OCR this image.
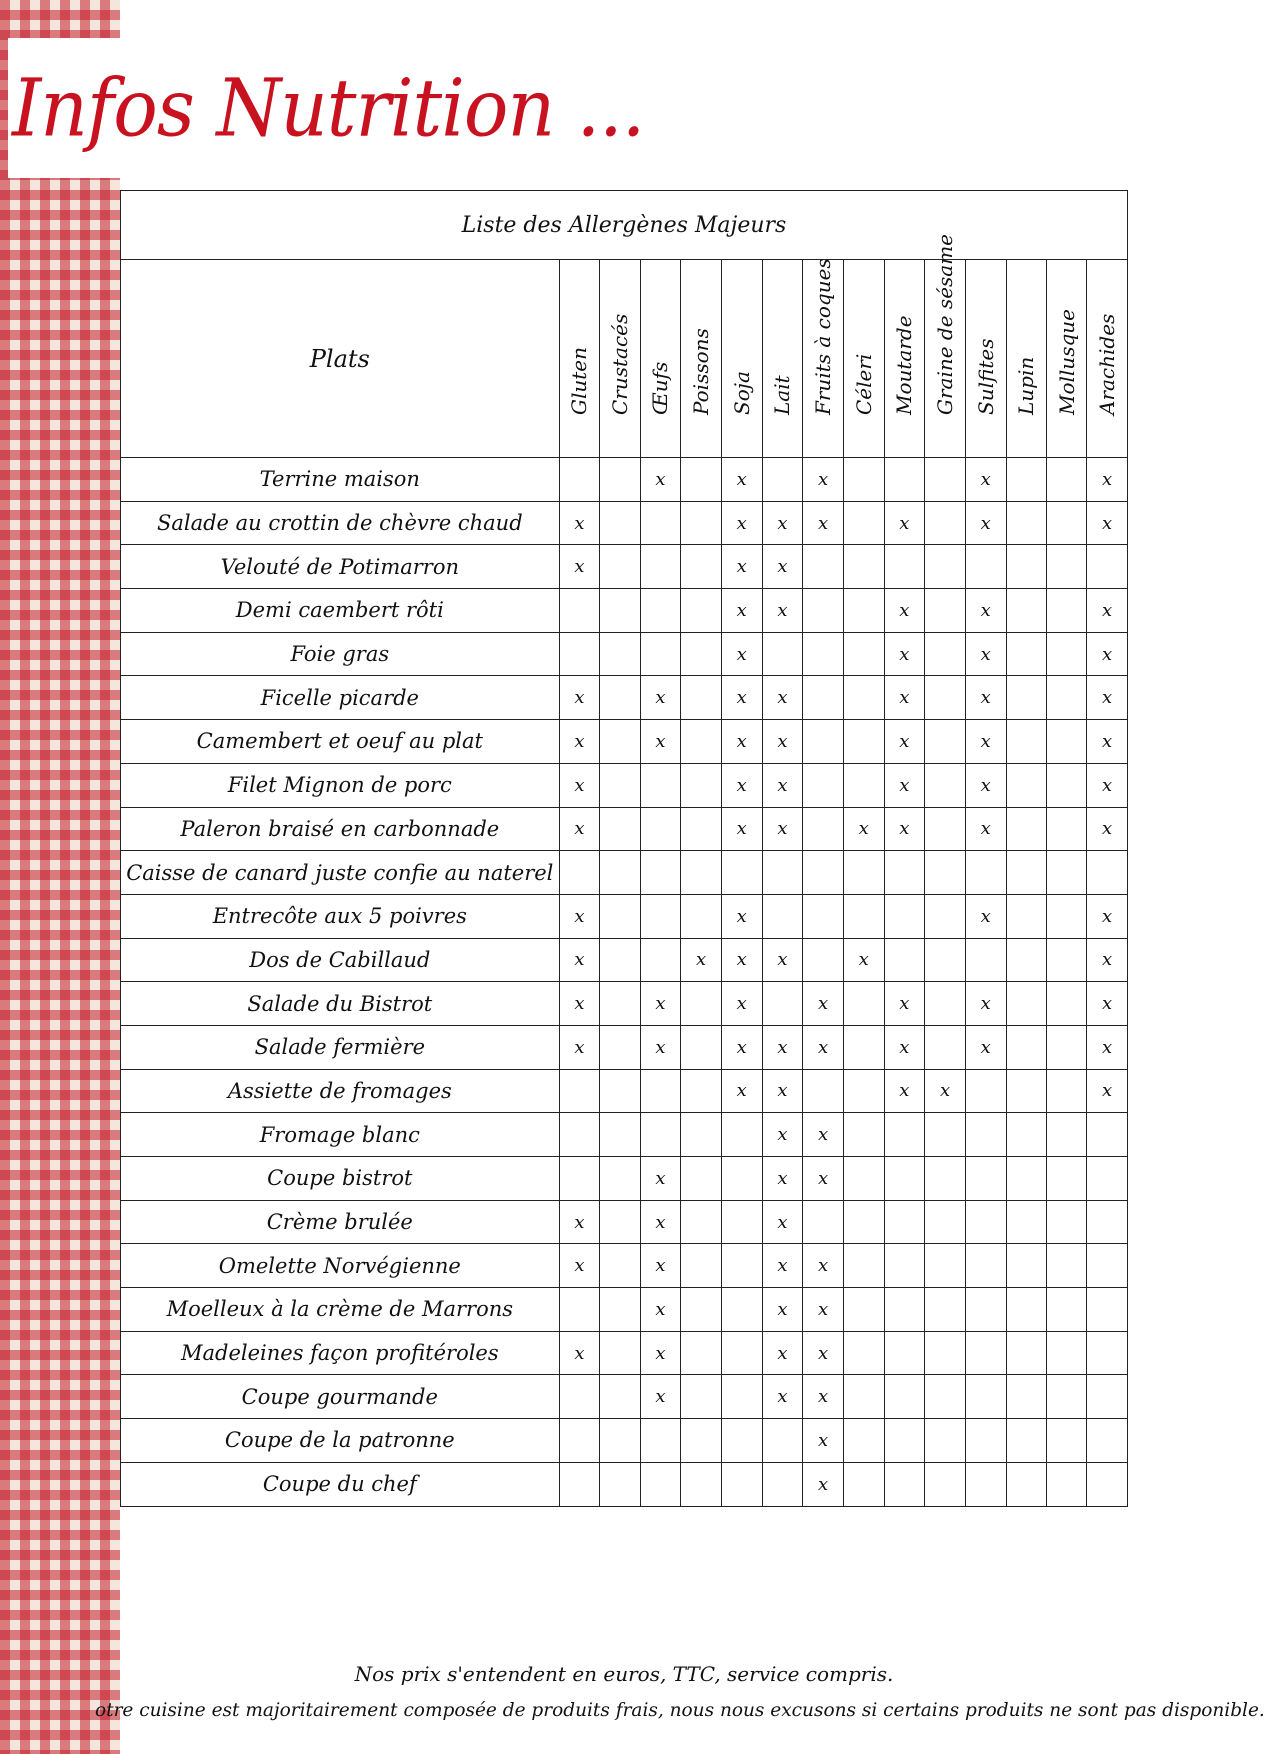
Infos Nutrition ...
Liste des Allergènes Majeurs														
Plats	Gluten	Crustacés	Œufs	Poissons	Soja	Lait	Fruits à coques	Céleri	Moutarde	Graine de sésame	Sulfites	Lupin	Mollusque	Arachides

Terrine maison			x		x		x				x			x
Salade au crottin de chèvre chaud	x				x	x	x		x		x			x
Velouté de Potimarron	x				x	x								
Demi caembert rôti					x	x			x		x			x
Foie gras					x				x		x			x
Ficelle picarde	x		x		x	x			x		x			x
Camembert et oeuf au plat	x		x		x	x			x		x			x
Filet Mignon de porc	x				x	x			x		x			x
Paleron braisé en carbonnade	x				x	x		x	x		x			x
Caisse de canard juste confie au naterel														
Entrecôte aux 5 poivres	x				x						x			x
Dos de Cabillaud	x			x	x	x		x						x
Salade du Bistrot	x		x		x		x		x		x			x
Salade fermière	x		x		x	x	x		x		x			x
Assiette de fromages					x	x			x	x				x
Fromage blanc						x	x							
Coupe bistrot			x			x	x							
Crème brulée	x		x			x								
Omelette Norvégienne	x		x			x	x							
Moelleux à la crème de Marrons			x			x	x							
Madeleines façon profitéroles	x		x			x	x							
Coupe gourmande			x			x	x							
Coupe de la patronne							x							
Coupe du chef							x							
Nos prix s'entendent en euros, TTC, service compris.
otre cuisine est majoritairement composée de produits frais, nous nous excusons si certains produits ne sont pas disponible.
